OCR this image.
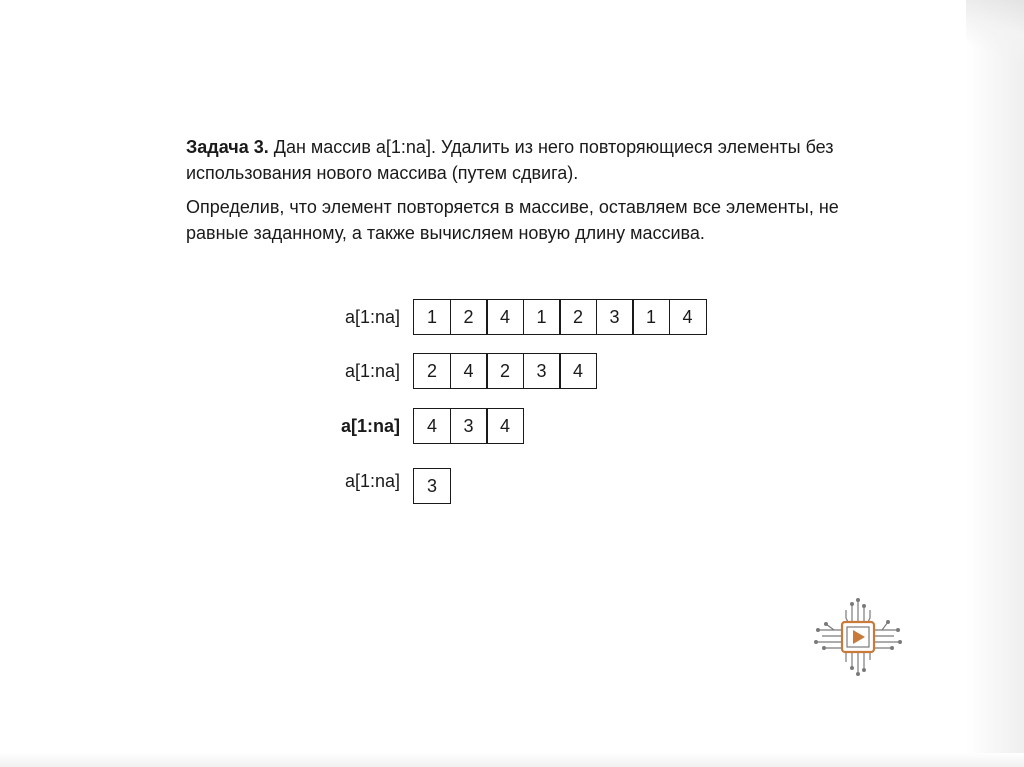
Задача 3. Дан массив a[1:na]. Удалить из него повторяющиеся элементы без использования нового массива (путем сдвига).

Определив, что элемент повторяется в массиве, оставляем все элементы, не равные заданному, а также вычисляем новую длину массива.

a[1:na]	1	2	4	1	2	3	1	4
a[1:na]	2	4	2	3	4
a[1:na]	4	3	4
a[1:na]	3
